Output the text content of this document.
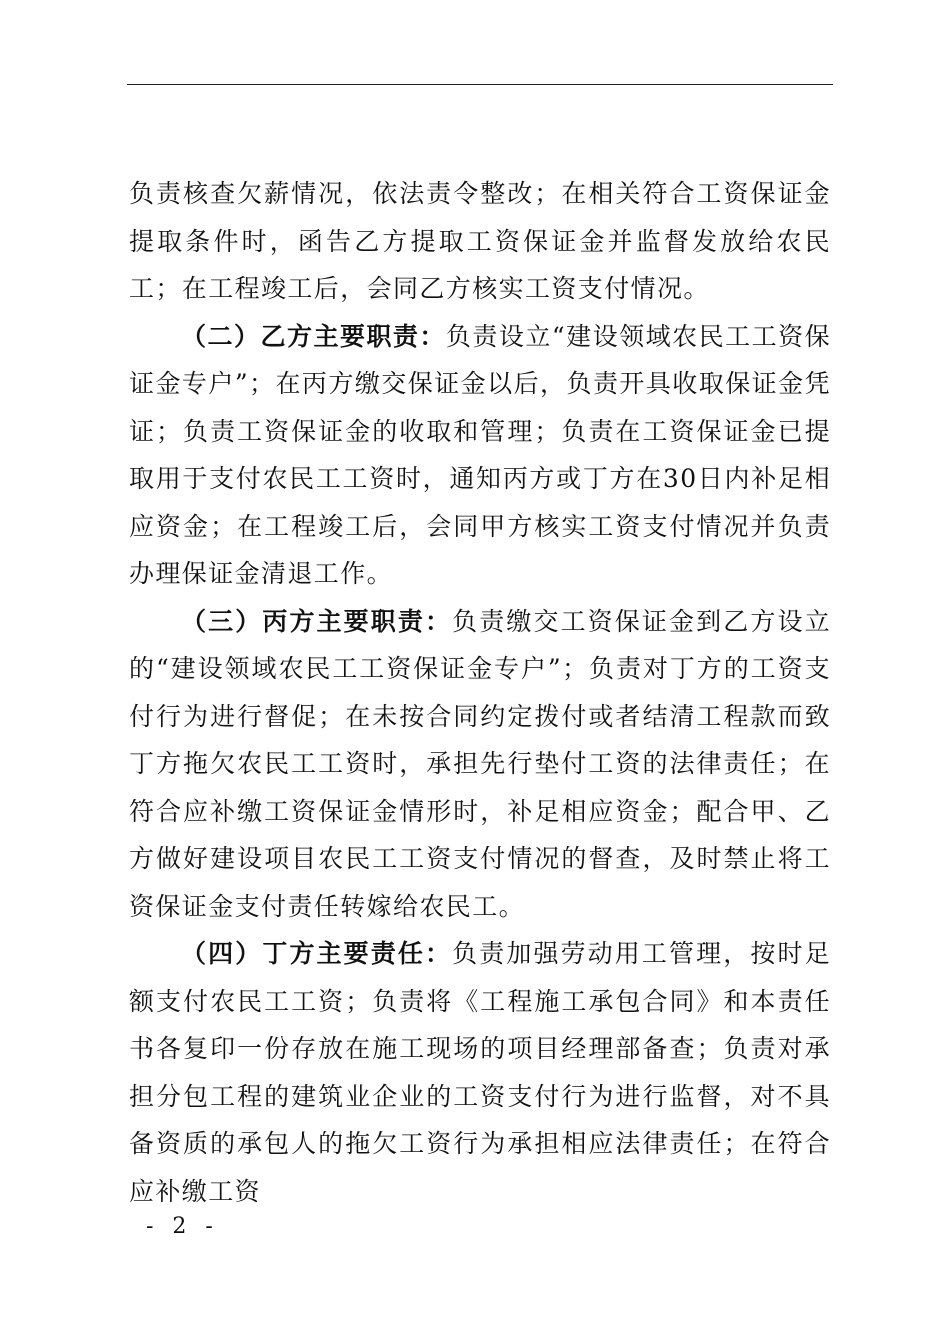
负责核查欠薪情况，依法责令整改；在相关符合工资保证金提取条件时，函告乙方提取工资保证金并监督发放给农民工；在工程竣工后，会同乙方核实工资支付情况。

（二）乙方主要职责：负责设立“建设领域农民工工资保证金专户”；在丙方缴交保证金以后，负责开具收取保证金凭证；负责工资保证金的收取和管理；负责在工资保证金已提取用于支付农民工工资时，通知丙方或丁方在30日内补足相应资金；在工程竣工后，会同甲方核实工资支付情况并负责办理保证金清退工作。

（三）丙方主要职责：负责缴交工资保证金到乙方设立的“建设领域农民工工资保证金专户”；负责对丁方的工资支付行为进行督促；在未按合同约定拨付或者结清工程款而致丁方拖欠农民工工资时，承担先行垫付工资的法律责任；在符合应补缴工资保证金情形时，补足相应资金；配合甲、乙方做好建设项目农民工工资支付情况的督查，及时禁止将工资保证金支付责任转嫁给农民工。

（四）丁方主要责任：负责加强劳动用工管理，按时足额支付农民工工资；负责将《工程施工承包合同》和本责任书各复印一份存放在施工现场的项目经理部备查；负责对承担分包工程的建筑业企业的工资支付行为进行监督，对不具备资质的承包人的拖欠工资行为承担相应法律责任；在符合应补缴工资

- 2 -
